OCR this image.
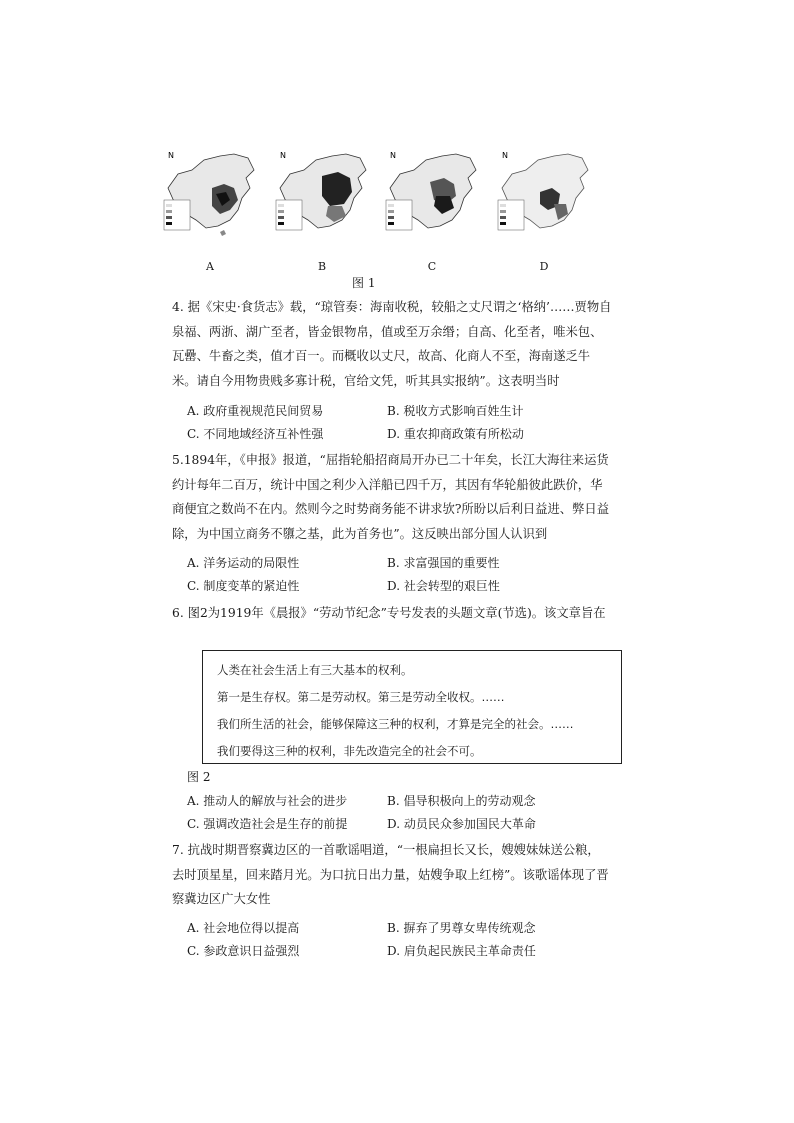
N
A
N
B
N
C
N
D
图 1
4. 据《宋史·食货志》载，“琼管奏：海南收税，较船之丈尺谓之‘格纳’……贾物自泉福、两浙、湖广至者，皆金银物帛，值或至万余缗；自高、化至者，唯米包、瓦罍、牛畜之类，值才百一。而概收以丈尺，故高、化商人不至，海南遂乏牛米。请自今用物贵贱多寡计税，官给文凭，听其具实报纳”。这表明当时
A. 政府重视规范民间贸易	B. 税收方式影响百姓生计
C. 不同地域经济互补性强	D. 重农抑商政策有所松动
5.1894年，《申报》报道，“屈指轮船招商局开办已二十年矣，长江大海往来运货约计每年二百万，统计中国之利少入洋船已四千万，其因有华轮船彼此跌价，华商便宜之数尚不在内。然则今之时势商务能不讲求欤?所盼以后利日益进、弊日益除，为中国立商务不隳之基，此为首务也”。这反映出部分国人认识到
A. 洋务运动的局限性	B. 求富强国的重要性
C. 制度变革的紧迫性	D. 社会转型的艰巨性
6. 图2为1919年《晨报》“劳动节纪念”专号发表的头题文章(节选)。该文章旨在
人类在社会生活上有三大基本的权利。
第一是生存权。第二是劳动权。第三是劳动全收权。……
我们所生活的社会，能够保障这三种的权利，才算是完全的社会。……
我们要得这三种的权利，非先改造完全的社会不可。
图 2
A. 推动人的解放与社会的进步	B. 倡导积极向上的劳动观念
C. 强调改造社会是生存的前提	D. 动员民众参加国民大革命
7. 抗战时期晋察冀边区的一首歌谣唱道，“一根扁担长又长，嫂嫂妹妹送公粮，去时顶星星，回来踏月光。为口抗日出力量，姑嫂争取上红榜”。该歌谣体现了晋察冀边区广大女性
A. 社会地位得以提高	B. 摒弃了男尊女卑传统观念
C. 参政意识日益强烈	D. 肩负起民族民主革命责任
